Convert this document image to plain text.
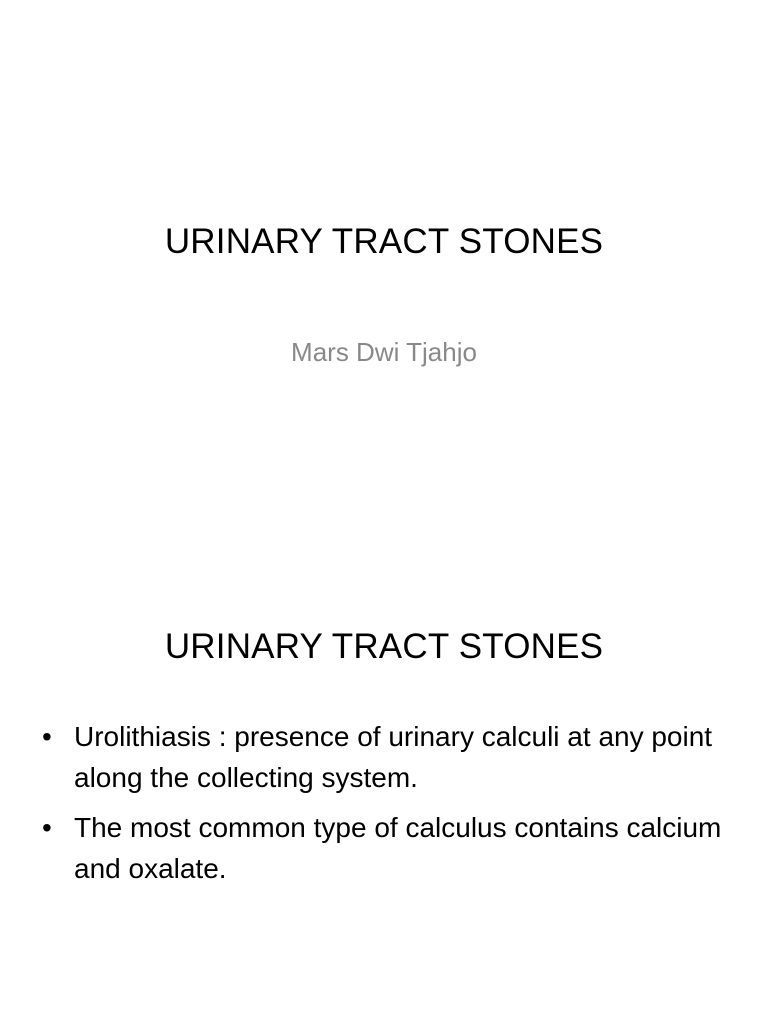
URINARY TRACT STONES
Mars Dwi Tjahjo
URINARY TRACT STONES
• Urolithiasis : presence of urinary calculi at any point along the collecting system.
• The most common type of calculus contains calcium and oxalate.
